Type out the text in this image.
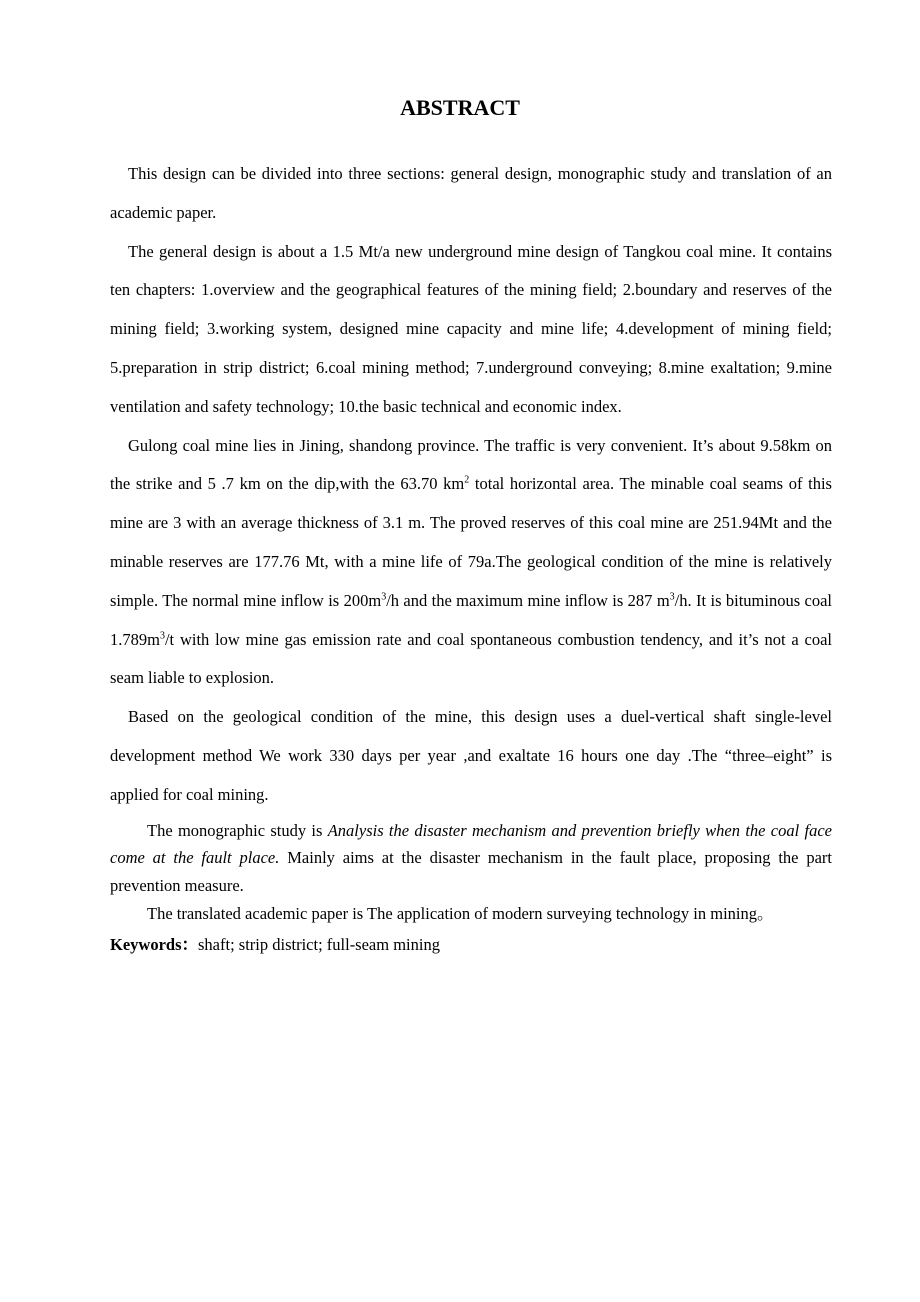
ABSTRACT

This design can be divided into three sections: general design, monographic study and translation of an academic paper.

The general design is about a 1.5 Mt/a new underground mine design of Tangkou coal mine. It contains ten chapters: 1.overview and the geographical features of the mining field; 2.boundary and reserves of the mining field; 3.working system, designed mine capacity and mine life; 4.development of mining field; 5.preparation in strip district; 6.coal mining method; 7.underground conveying; 8.mine exaltation; 9.mine ventilation and safety technology; 10.the basic technical and economic index.

Gulong coal mine lies in Jining, shandong province. The traffic is very convenient. It’s about 9.58km on the strike and 5 .7 km on the dip,with the 63.70 $km^2$ total horizontal area. The minable coal seams of this mine are 3 with an average thickness of 3.1 m. The proved reserves of this coal mine are 251.94Mt and the minable reserves are 177.76 Mt, with a mine life of 79a.The geological condition of the mine is relatively simple. The normal mine inflow is $200m^3/h$ and the maximum mine inflow is 287 $m^3/h$. It is bituminous coal $1.789m^3/t$ with low mine gas emission rate and coal spontaneous combustion tendency, and it’s not a coal seam liable to explosion.

Based on the geological condition of the mine, this design uses a duel-vertical shaft single-level development method We work 330 days per year ,and exaltate 16 hours one day .The “three–eight” is applied for coal mining.

The monographic study is Analysis the disaster mechanism and prevention briefly when the coal face come at the fault place. Mainly aims at the disaster mechanism in the fault place, proposing the part prevention measure.

The translated academic paper is The application of modern surveying technology in mining。

Keywords：shaft; strip district; full-seam mining
